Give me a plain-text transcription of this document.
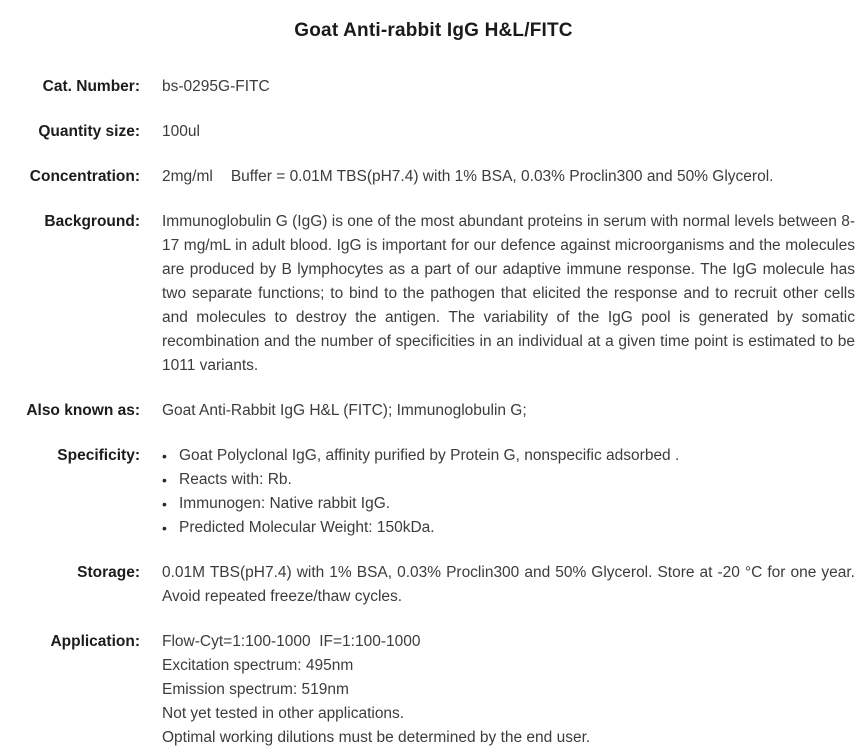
Goat Anti-rabbit IgG H&L/FITC
Cat. Number: bs-0295G-FITC
Quantity size: 100ul
Concentration: 2mg/ml Buffer = 0.01M TBS(pH7.4) with 1% BSA, 0.03% Proclin300 and 50% Glycerol.
Background: Immunoglobulin G (IgG) is one of the most abundant proteins in serum with normal levels between 8-17 mg/mL in adult blood. IgG is important for our defence against microorganisms and the molecules are produced by B lymphocytes as a part of our adaptive immune response. The IgG molecule has two separate functions; to bind to the pathogen that elicited the response and to recruit other cells and molecules to destroy the antigen. The variability of the IgG pool is generated by somatic recombination and the number of specificities in an individual at a given time point is estimated to be 1011 variants.
Also known as: Goat Anti-Rabbit IgG H&L (FITC); Immunoglobulin G;
Specificity: • Goat Polyclonal IgG, affinity purified by Protein G, nonspecific adsorbed .
• Reacts with: Rb.
• Immunogen: Native rabbit IgG.
• Predicted Molecular Weight: 150kDa.
Storage: 0.01M TBS(pH7.4) with 1% BSA, 0.03% Proclin300 and 50% Glycerol. Store at -20 °C for one year. Avoid repeated freeze/thaw cycles.
Application: Flow-Cyt=1:100-1000  IF=1:100-1000
Excitation spectrum: 495nm
Emission spectrum: 519nm
Not yet tested in other applications.
Optimal working dilutions must be determined by the end user.
